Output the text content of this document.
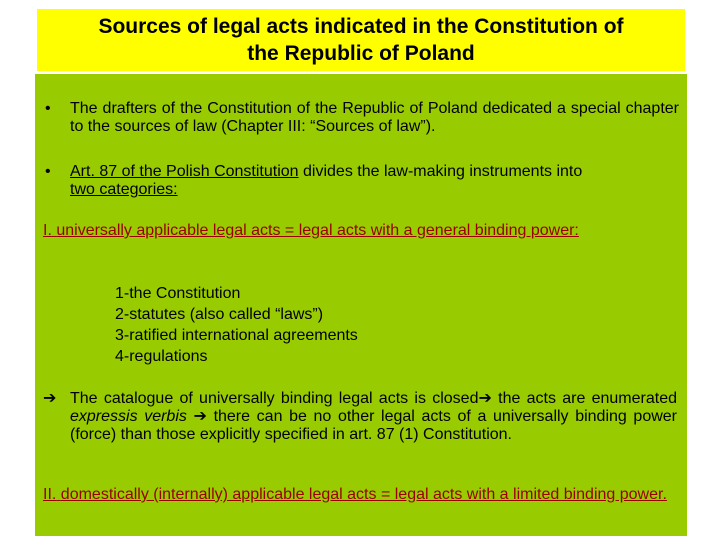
Sources of legal acts indicated in the Constitution of
the Republic of Poland
• The drafters of the Constitution of the Republic of Poland dedicated a special chapter to the sources of law (Chapter III: “Sources of law”).
• Art. 87 of the Polish Constitution divides the law-making instruments into
two categories:
I. universally applicable legal acts = legal acts with a general binding power:
1-the Constitution
2-statutes (also called “laws”)
3-ratified international agreements
4-regulations
➔ The catalogue of universally binding legal acts is closed➔ the acts are enumerated expressis verbis ➔ there can be no other legal acts of a universally binding power (force) than those explicitly specified in art. 87 (1) Constitution.
II. domestically (internally) applicable legal acts = legal acts with a limited binding power.
